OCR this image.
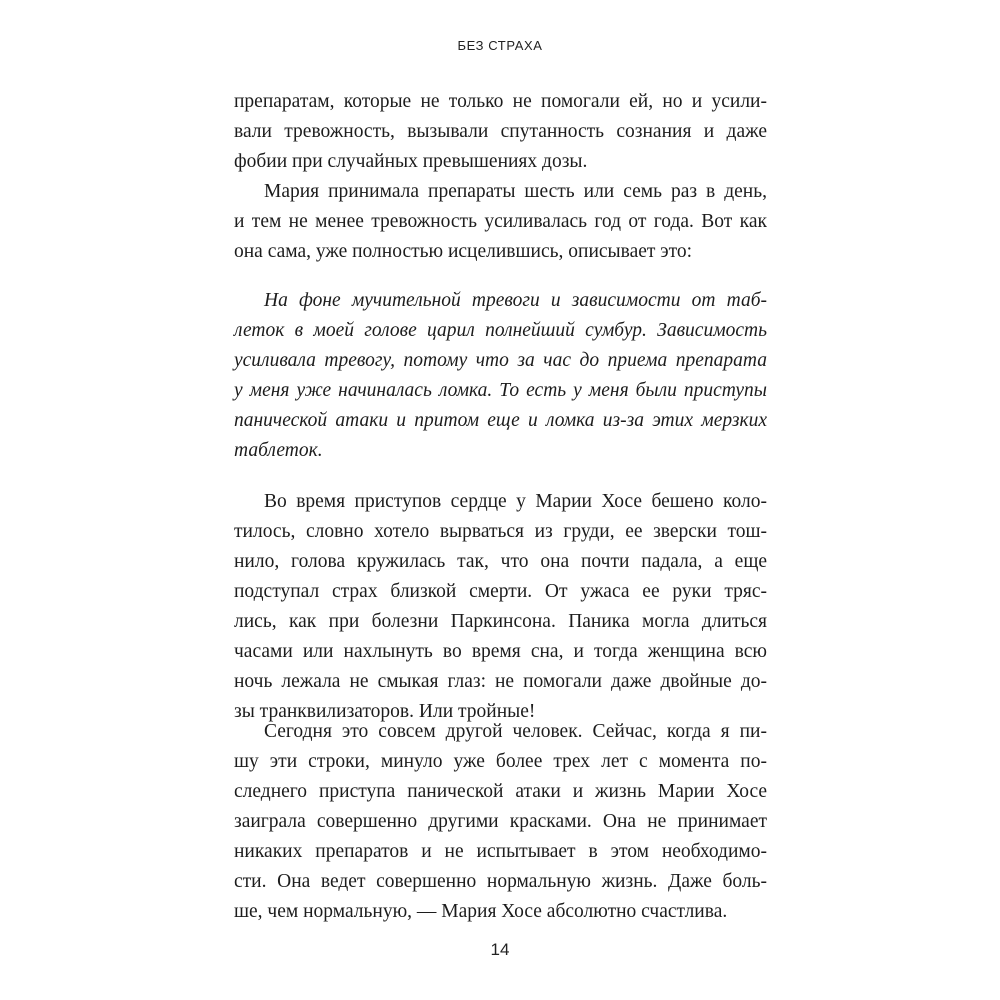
БЕЗ СТРАХА
препаратам, которые не только не помогали ей, но и усили-
вали тревожность, вызывали спутанность сознания и даже
фобии при случайных превышениях дозы.
Мария принимала препараты шесть или семь раз в день,
и тем не менее тревожность усиливалась год от года. Вот как
она сама, уже полностью исцелившись, описывает это:
На фоне мучительной тревоги и зависимости от таб-
леток в моей голове царил полнейший сумбур. Зависимость
усиливала тревогу, потому что за час до приема препарата
у меня уже начиналась ломка. То есть у меня были приступы
панической атаки и притом еще и ломка из-за этих мерзких
таблеток.
Во время приступов сердце у Марии Хосе бешено коло-
тилось, словно хотело вырваться из груди, ее зверски тош-
нило, голова кружилась так, что она почти падала, а еще
подступал страх близкой смерти. От ужаса ее руки тряс-
лись, как при болезни Паркинсона. Паника могла длиться
часами или нахлынуть во время сна, и тогда женщина всю
ночь лежала не смыкая глаз: не помогали даже двойные до-
зы транквилизаторов. Или тройные!
Сегодня это совсем другой человек. Сейчас, когда я пи-
шу эти строки, минуло уже более трех лет с момента по-
следнего приступа панической атаки и жизнь Марии Хосе
заиграла совершенно другими красками. Она не принимает
никаких препаратов и не испытывает в этом необходимо-
сти. Она ведет совершенно нормальную жизнь. Даже боль-
ше, чем нормальную, — Мария Хосе абсолютно счастлива.
14
